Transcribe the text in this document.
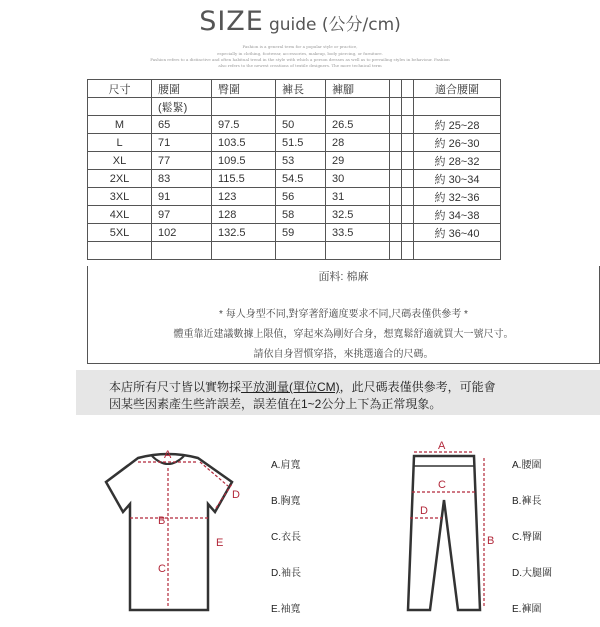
SIZE guide (公分/cm)
Fashion is a general term for a popular style or practice,
especially in clothing, footwear, accessories, makeup, body piercing, or furniture.
Fashion refers to a distinctive and often habitual trend in the style with which a person dresses as well as to prevailing styles in behaviour. Fashion
also refers to the newest creations of textile designers. The more technical term
尺寸	腰圍	臀圍	褲長	褲腳			適合腰圍
	(鬆緊)						
M	65	97.5	50	26.5			約 25~28
L	71	103.5	51.5	28			約 26~30
XL	77	109.5	53	29			約 28~32
2XL	83	115.5	54.5	30			約 30~34
3XL	91	123	56	31			約 32~36
4XL	97	128	58	32.5			約 34~38
5XL	102	132.5	59	33.5			約 36~40

面料: 棉麻
* 每人身型不同,對穿著舒適度要求不同,尺碼表僅供參考 *
體重靠近建議數據上限值，穿起來為剛好合身，想寬鬆舒適就買大一號尺寸。
請依自身習慣穿搭，來挑選適合的尺碼。
本店所有尺寸皆以實物採平放測量(單位CM)，此尺碼表僅供參考，可能會
因某些因素產生些許誤差，誤差值在1~2公分上下為正常現象。
A
B
C
D
E
A.肩寬
B.胸寬
C.衣長
D.袖長
E.袖寬
A
C
D
B
A.腰圍
B.褲長
C.臀圍
D.大腿圍
E.褲圍
